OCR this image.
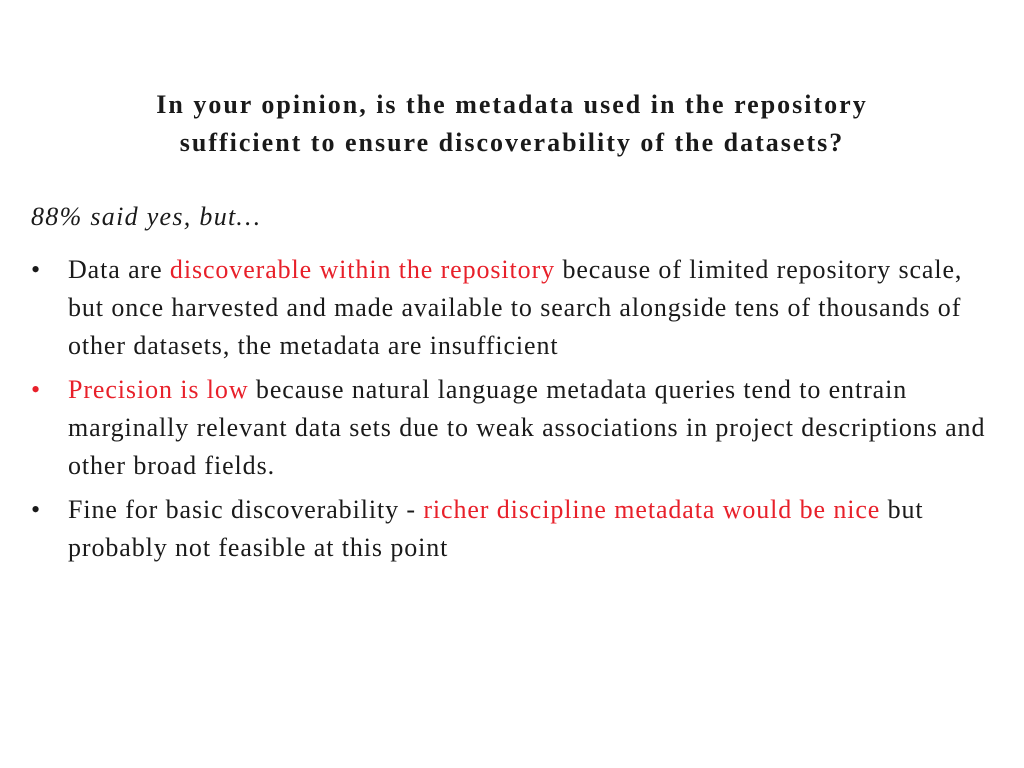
In your opinion, is the metadata used in the repository
sufficient to ensure discoverability of the datasets?

88% said yes, but…

•	Data are discoverable within the repository because of limited repository scale, but once harvested and made available to search alongside tens of thousands of other datasets, the metadata are insufficient
•	Precision is low because natural language metadata queries tend to entrain marginally relevant data sets due to weak associations in project descriptions and other broad fields.
•	Fine for basic discoverability - richer discipline metadata would be nice but probably not feasible at this point
